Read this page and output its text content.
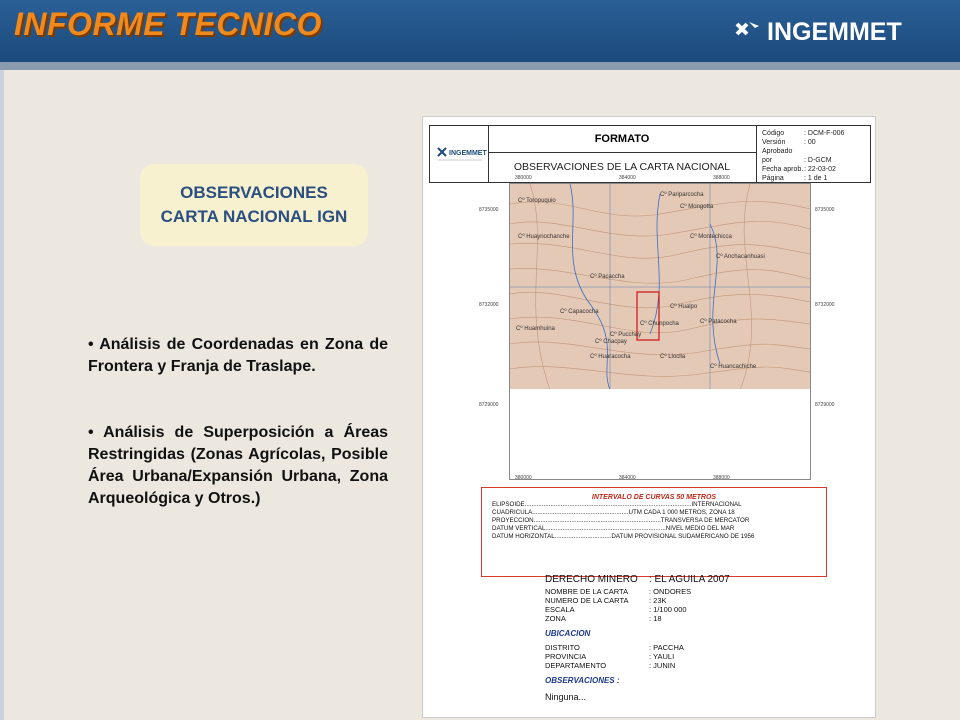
INFORME TECNICO	INGEMMET
OBSERVACIONES
CARTA NACIONAL IGN

• Análisis de Coordenadas en Zona de Frontera y Franja de Traslape.

• Análisis de Superposición a Áreas Restringidas (Zonas Agrícolas, Posible Área Urbana/Expansión Urbana, Zona Arqueológica y Otros.)

INGEMMET
FORMATO
OBSERVACIONES DE LA CARTA NACIONAL
Código	: DCM-F-006
Versión	: 00
Aprobado por	: D-GCM
Fecha aprob.: 22-03-02
Página	: 1 de 1
Cº Toropuquio
Cº Huaynochanche
Cº Pacaccha
Cº Capacocha
Cº Chunpocha
Cº Pariparcocha
Cº Pucchay
Cº Huamhuina
Cº Huaracocha
Cº Anchacanhuasi
Cº Patacocha
Cº Chacpay
Cº Huancachiche
Cº Lloclla
Cº Mongotta
Cº Montechicca
Cº Hualpo
380000	384000	388000
380000	384000	388000
8735000
8732000
8729000
8735000
8732000
8729000
INTERVALO DE CURVAS 50 METROS
ELIPSOIDE.................................................................................................INTERNACIONAL
CUADRICULA........................................................UTM CADA 1 000 METROS, ZONA 18
PROYECCION..........................................................................TRANSVERSA DE MERCATOR
DATUM VERTICAL......................................................................NIVEL MEDIO DEL MAR
DATUM HORIZONTAL.................................DATUM PROVISIONAL SUDAMERICANO DE 1956
DERECHO MINERO : EL AGUILA 2007
NOMBRE DE LA CARTA	: ONDORES
NUMERO DE LA CARTA	: 23K
ESCALA	: 1/100 000
ZONA	: 18
UBICACION
DISTRITO	: PACCHA
PROVINCIA	: YAULI
DEPARTAMENTO	: JUNIN
OBSERVACIONES :
Ninguna...
